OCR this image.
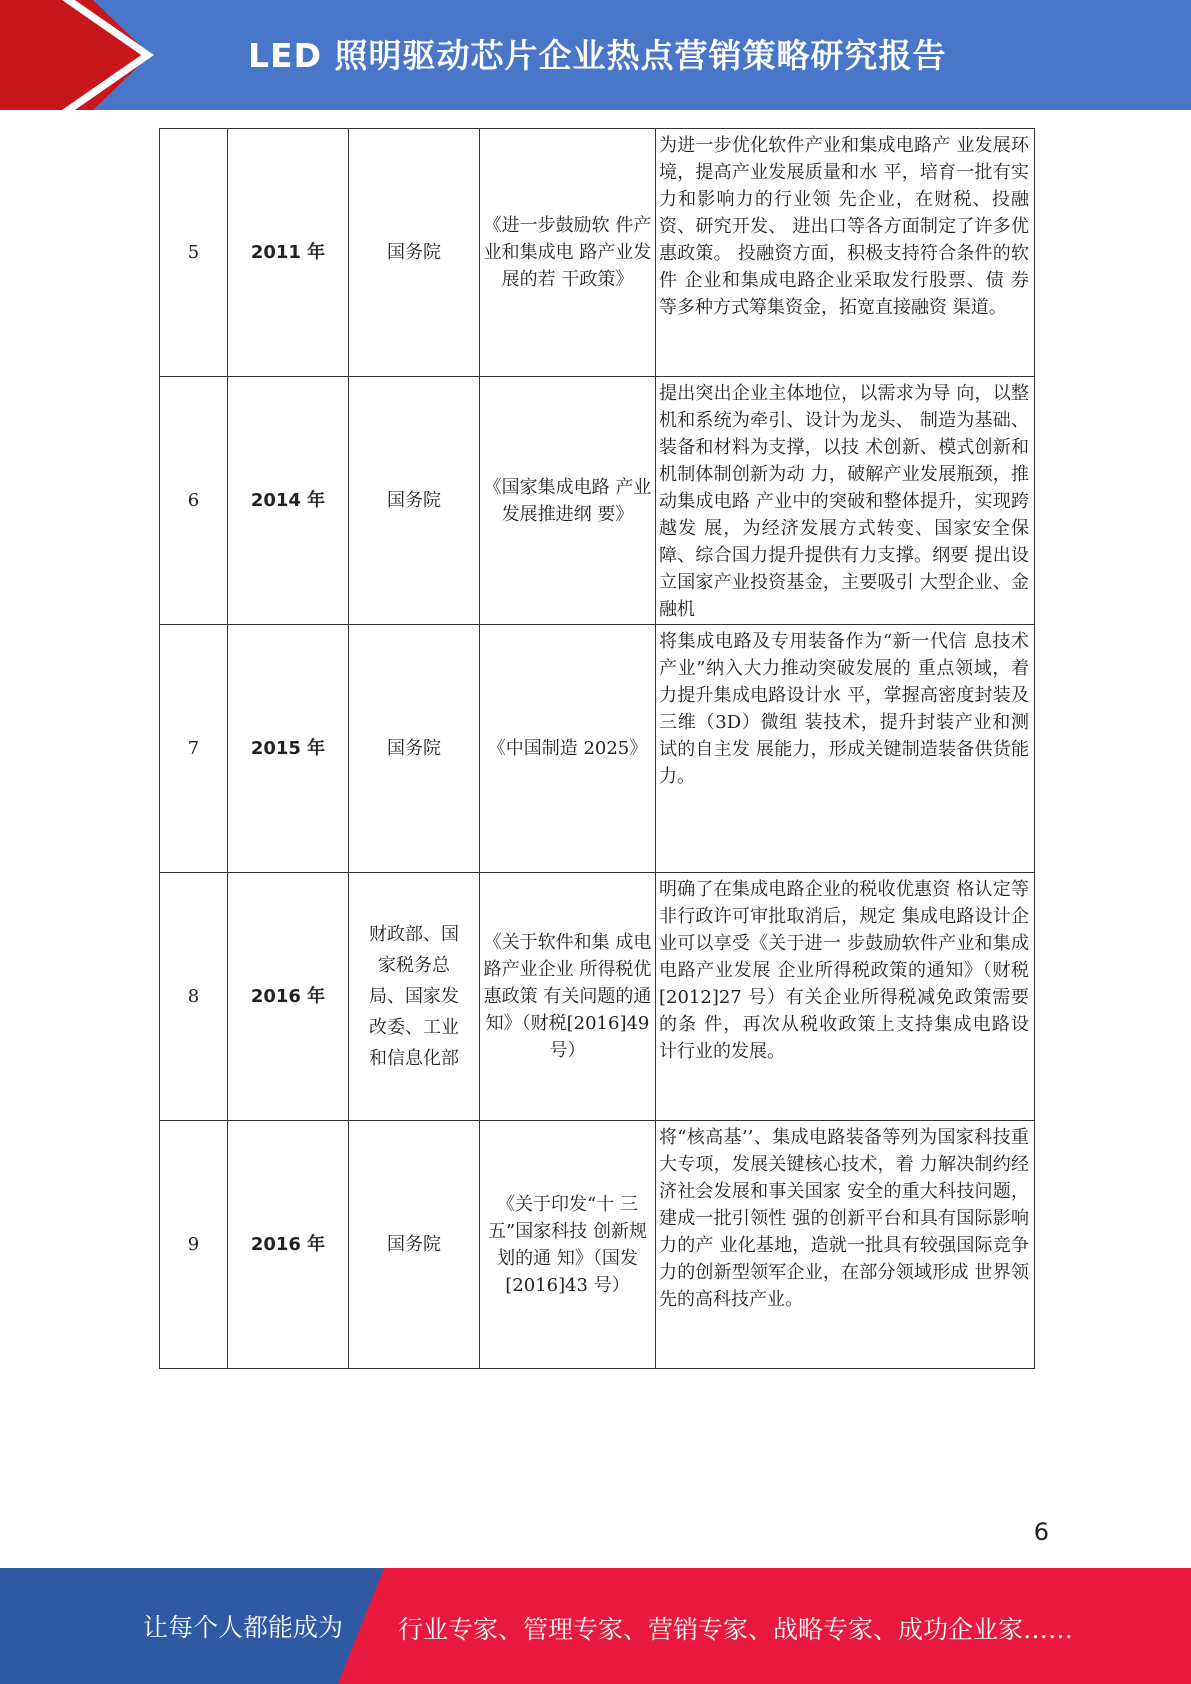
LED 照明驱动芯片企业热点营销策略研究报告
5	2011 年	国务院	《进一步鼓励软 件产业和集成电 路产业发展的若 干政策》	为进一步优化软件产业和集成电路产 业发展环境，提高产业发展质量和水 平，培育一批有实力和影响力的行业领 先企业，在财税、投融资、研究开发、 进出口等各方面制定了许多优惠政策。 投融资方面，积极支持符合条件的软件 企业和集成电路企业采取发行股票、债 券等多种方式筹集资金，拓宽直接融资 渠道。

6	2014 年	国务院	《国家集成电路 产业发展推进纲 要》	提出突出企业主体地位，以需求为导 向，以整机和系统为牵引、设计为龙头、 制造为基础、装备和材料为支撑，以技 术创新、模式创新和机制体制创新为动 力，破解产业发展瓶颈，推动集成电路 产业中的突破和整体提升，实现跨越发 展，为经济发展方式转变、国家安全保 障、综合国力提升提供有力支撑。纲要 提出设立国家产业投资基金，主要吸引 大型企业、金融机

7	2015 年	国务院	《中国制造 2025》	将集成电路及专用装备作为“新一代信 息技术产业”纳入大力推动突破发展的 重点领域，着力提升集成电路设计水 平，掌握高密度封装及三维（3D）微组 装技术，提升封装产业和测试的自主发 展能力，形成关键制造装备供货能力。

8	2016 年	财政部、国家税务总局、国家发改委、工业和信息化部	《关于软件和集 成电路产业企业 所得税优惠政策 有关问题的通 知》（财税[2016]49 号）	明确了在集成电路企业的税收优惠资 格认定等非行政许可审批取消后，规定 集成电路设计企业可以享受《关于进一 步鼓励软件产业和集成电路产业发展 企业所得税政策的通知》（财税[2012]27 号）有关企业所得税减免政策需要的条 件，再次从税收政策上支持集成电路设 计行业的发展。

9	2016 年	国务院	《关于印发“十 三五”国家科技 创新规划的通 知》（国发[2016]43 号）	将“核高基’’、集成电路装备等列为国家科技重大专项，发展关键核心技术，着 力解决制约经济社会发展和事关国家 安全的重大科技问题，建成一批引领性 强的创新平台和具有国际影响力的产 业化基地，造就一批具有较强国际竞争 力的创新型领军企业，在部分领域形成 世界领先的高科技产业。
6
让每个人都能成为 行业专家、管理专家、营销专家、战略专家、成功企业家……
